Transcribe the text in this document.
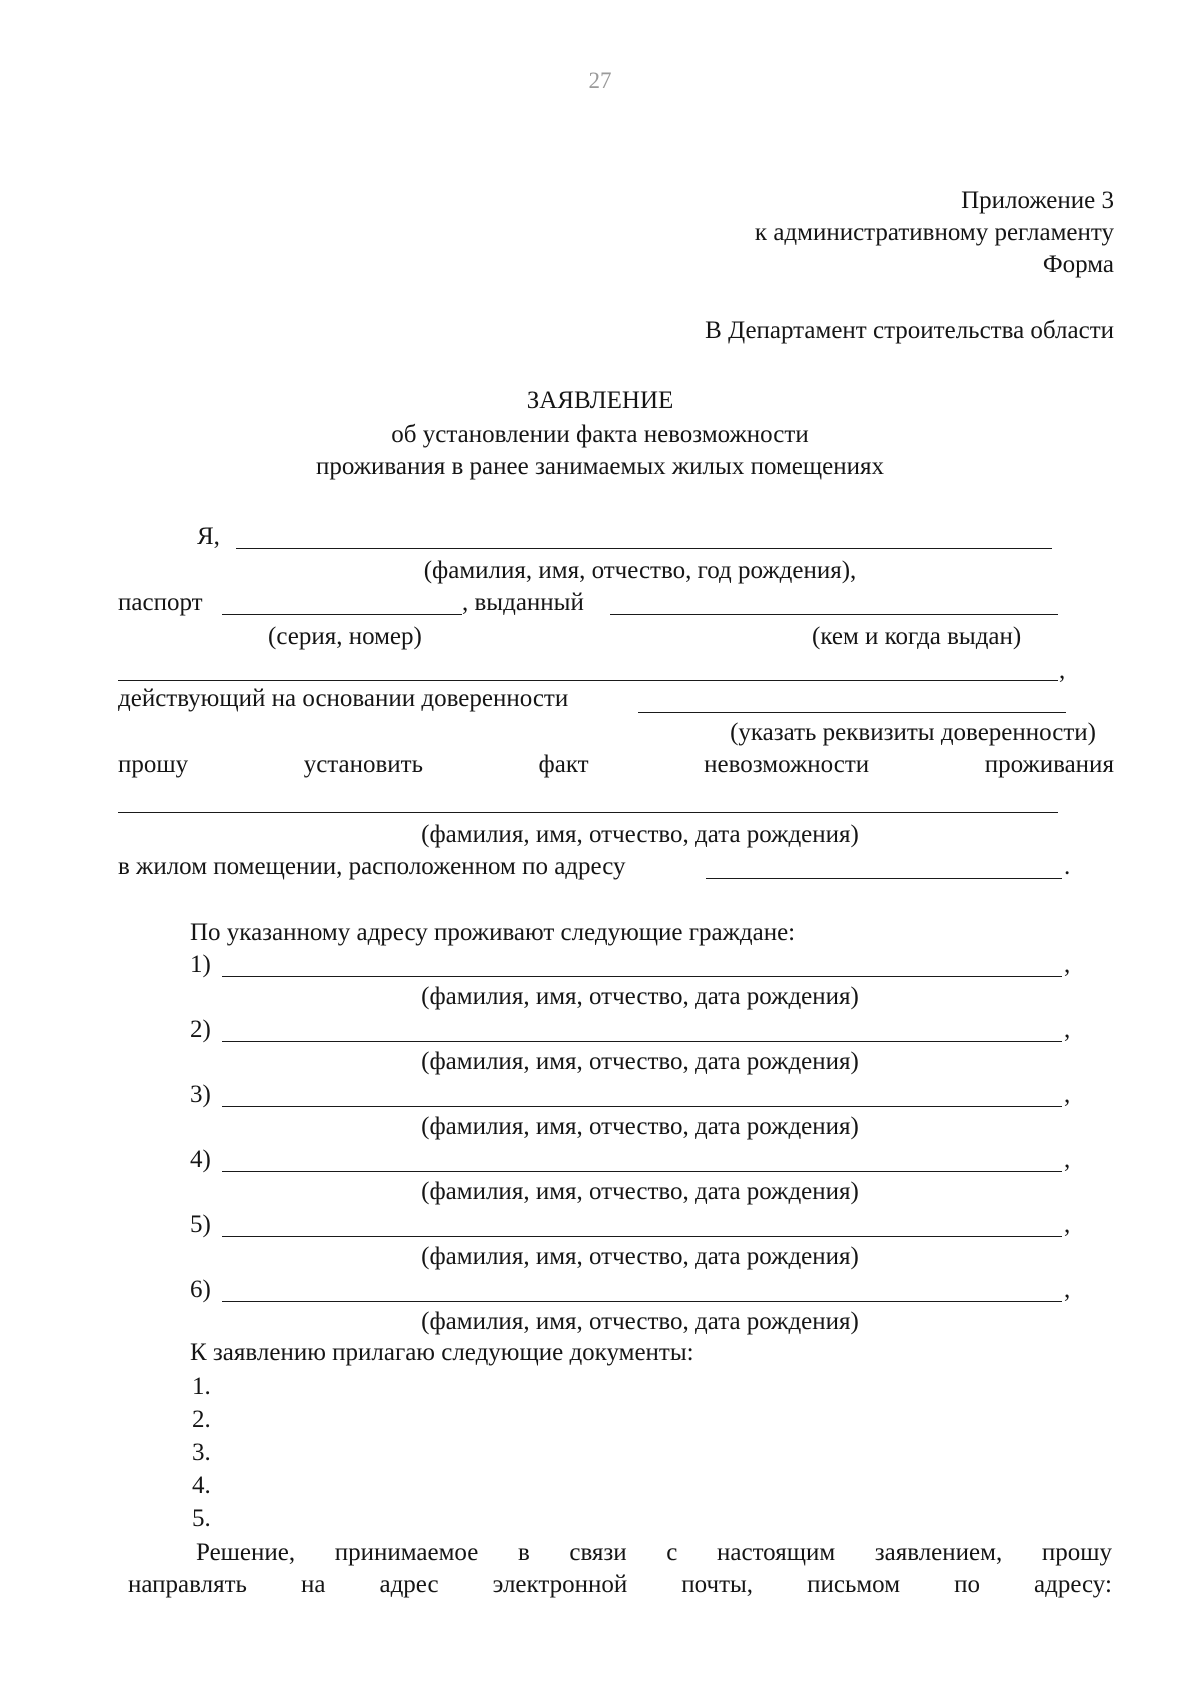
27
Приложение 3
к административному регламенту
Форма
В Департамент строительства области
ЗАЯВЛЕНИЕ
об установлении факта невозможности
проживания в ранее занимаемых жилых помещениях
Я,
(фамилия, имя, отчество, год рождения),
паспорт	, выданный
(серия, номер)	(кем и когда выдан)
,
действующий на основании доверенности
(указать реквизиты доверенности)
прошу	установить	факт	невозможности	проживания
(фамилия, имя, отчество, дата рождения)
в жилом помещении, расположенном по адресу	.
По указанному адресу проживают следующие граждане:
1)	,
(фамилия, имя, отчество, дата рождения)
2)	,
(фамилия, имя, отчество, дата рождения)
3)	,
(фамилия, имя, отчество, дата рождения)
4)	,
(фамилия, имя, отчество, дата рождения)
5)	,
(фамилия, имя, отчество, дата рождения)
6)	,
(фамилия, имя, отчество, дата рождения)
К заявлению прилагаю следующие документы:
1.
2.
3.
4.
5.
Решение, принимаемое в связи с настоящим заявлением, прошу
направлять на адрес электронной почты, письмом по адресу:
